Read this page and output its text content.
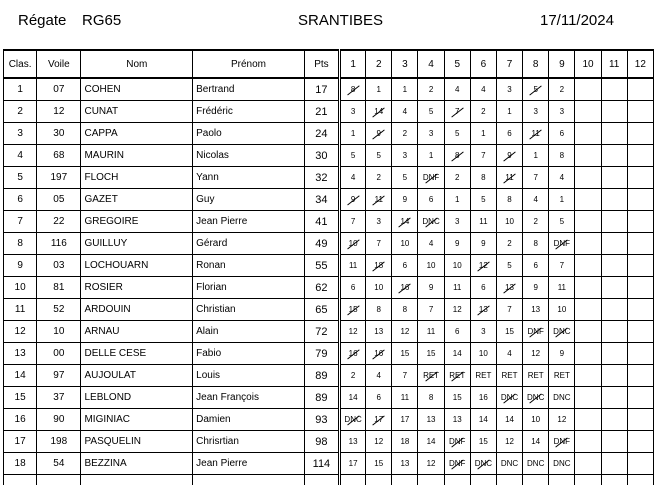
Régate RG65	SRANTIBES	17/11/2024
Clas.	Voile	Nom	Prénom	Pts	1	2	3	4	5	6	7	8	9	10	11	12
1	07	COHEN	Bertrand	17	8	1	1	2	4	4	3	5	2			
2	12	CUNAT	Frédéric	21	3	14	4	5	7	2	1	3	3			
3	30	CAPPA	Paolo	24	1	9	2	3	5	1	6	11	6			
4	68	MAURIN	Nicolas	30	5	5	3	1	8	7	9	1	8			
5	197	FLOCH	Yann	32	4	2	5	DNF	2	8	11	7	4			
6	05	GAZET	Guy	34	9	11	9	6	1	5	8	4	1			
7	22	GREGOIRE	Jean Pierre	41	7	3	14	DNC	3	11	10	2	5			
8	116	GUILLUY	Gérard	49	10	7	10	4	9	9	2	8	DNF			
9	03	LOCHOUARN	Ronan	55	11	18	6	10	10	12	5	6	7			
10	81	ROSIER	Florian	62	6	10	16	9	11	6	13	9	11			
11	52	ARDOUIN	Christian	65	15	8	8	7	12	13	7	13	10			
12	10	ARNAU	Alain	72	12	13	12	11	6	3	15	DNF	DNC			
13	00	DELLE CESE	Fabio	79	16	16	15	15	14	10	4	12	9			
14	97	AUJOULAT	Louis	89	2	4	7	RET	RET	RET	RET	RET	RET			
15	37	LEBLOND	Jean François	89	14	6	11	8	15	16	DNC	DNC	DNC			
16	90	MIGINIAC	Damien	93	DNC	17	17	13	13	14	14	10	12			
17	198	PASQUELIN	Chrisrtian	98	13	12	18	14	DNF	15	12	14	DNF			
18	54	BEZZINA	Jean Pierre	114	17	15	13	12	DNF	DNC	DNC	DNC	DNC			
